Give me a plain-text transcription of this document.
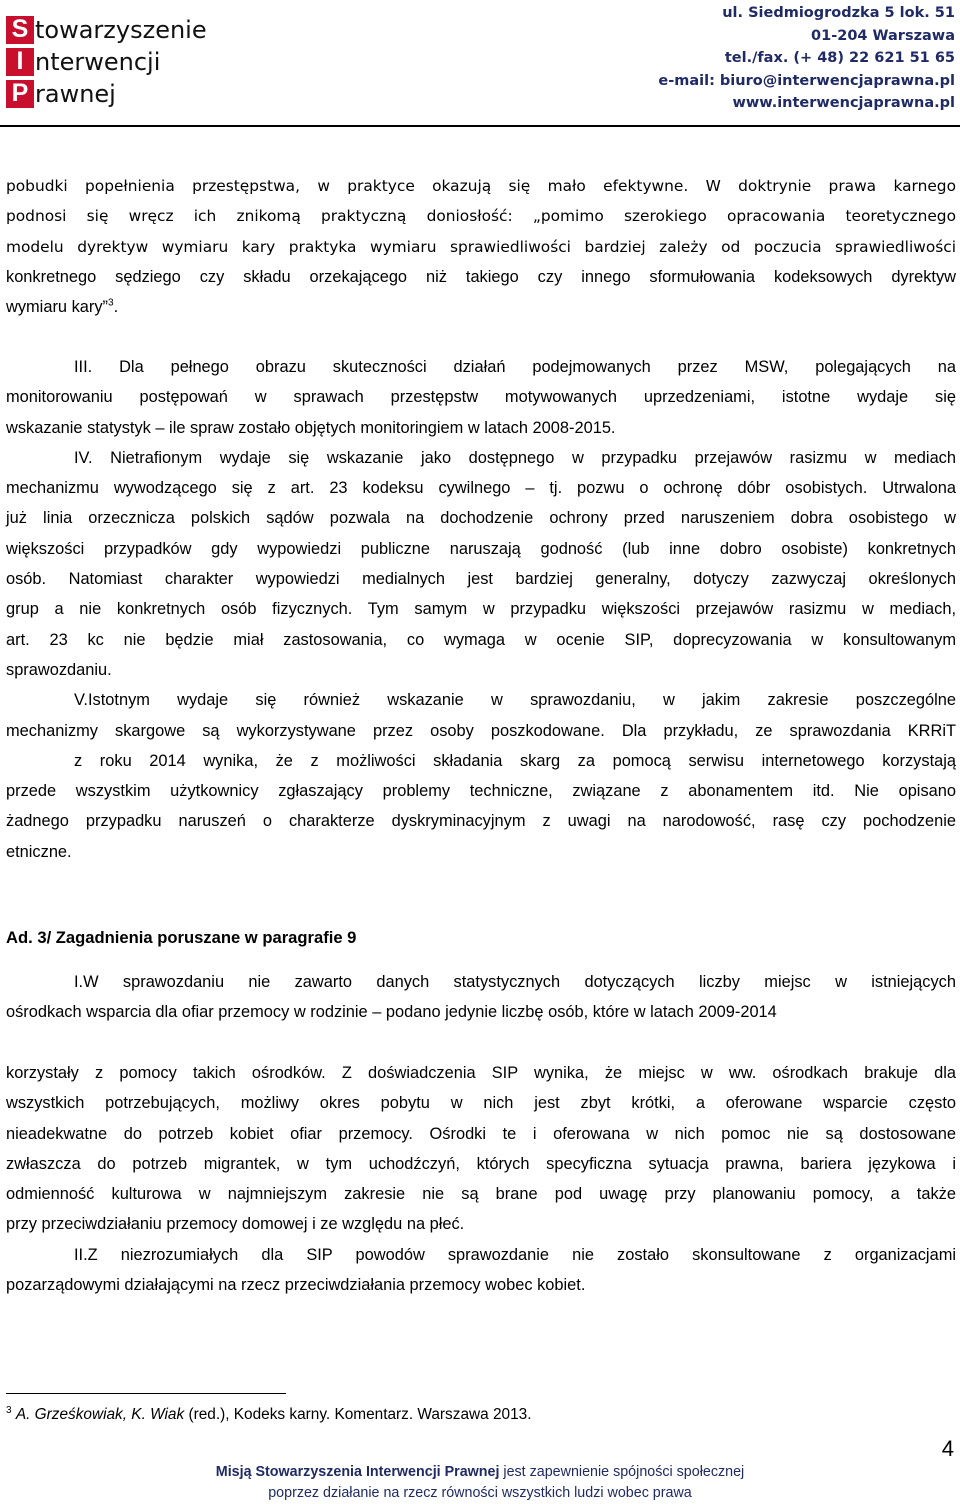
S towarzyszenie
I nterwencji
P rawnej
ul. Siedmiogrodzka 5 lok. 51
01-204 Warszawa
tel./fax. (+ 48) 22 621 51 65
e-mail: biuro@interwencjaprawna.pl
www.interwencjaprawna.pl

pobudki popełnienia przestępstwa, w praktyce okazują się mało efektywne. W doktrynie prawa karnego

podnosi się wręcz ich znikomą praktyczną doniosłość: „pomimo szerokiego opracowania teoretycznego

modelu dyrektyw wymiaru kary praktyka wymiaru sprawiedliwości bardziej zależy od poczucia sprawiedliwości

konkretnego sędziego czy składu orzekającego niż takiego czy innego sformułowania kodeksowych dyrektyw

wymiaru kary”$^3$.

III. Dla pełnego obrazu skuteczności działań podejmowanych przez MSW, polegających na

monitorowaniu postępowań w sprawach przestępstw motywowanych uprzedzeniami, istotne wydaje się

wskazanie statystyk – ile spraw zostało objętych monitoringiem w latach 2008-2015.

IV. Nietrafionym wydaje się wskazanie jako dostępnego w przypadku przejawów rasizmu w mediach

mechanizmu wywodzącego się z art. 23 kodeksu cywilnego – tj. pozwu o ochronę dóbr osobistych. Utrwalona

już linia orzecznicza polskich sądów pozwala na dochodzenie ochrony przed naruszeniem dobra osobistego w

większości przypadków gdy wypowiedzi publiczne naruszają godność (lub inne dobro osobiste) konkretnych

osób. Natomiast charakter wypowiedzi medialnych jest bardziej generalny, dotyczy zazwyczaj określonych

grup a nie konkretnych osób fizycznych. Tym samym w przypadku większości przejawów rasizmu w mediach,

art. 23 kc nie będzie miał zastosowania, co wymaga w ocenie SIP, doprecyzowania w konsultowanym

sprawozdaniu.

V.Istotnym wydaje się również wskazanie w sprawozdaniu, w jakim zakresie poszczególne

mechanizmy skargowe są wykorzystywane przez osoby poszkodowane. Dla przykładu, ze sprawozdania KRRiT

z roku 2014 wynika, że z możliwości składania skarg za pomocą serwisu internetowego korzystają

przede wszystkim użytkownicy zgłaszający problemy techniczne, związane z abonamentem itd. Nie opisano

żadnego przypadku naruszeń o charakterze dyskryminacyjnym z uwagi na narodowość, rasę czy pochodzenie

etniczne.

Ad. 3/ Zagadnienia poruszane w paragrafie 9

I.W sprawozdaniu nie zawarto danych statystycznych dotyczących liczby miejsc w istniejących

ośrodkach wsparcia dla ofiar przemocy w rodzinie – podano jedynie liczbę osób, które w latach 2009-2014

korzystały z pomocy takich ośrodków. Z doświadczenia SIP wynika, że miejsc w ww. ośrodkach brakuje dla

wszystkich potrzebujących, możliwy okres pobytu w nich jest zbyt krótki, a oferowane wsparcie często

nieadekwatne do potrzeb kobiet ofiar przemocy. Ośrodki te i oferowana w nich pomoc nie są dostosowane

zwłaszcza do potrzeb migrantek, w tym uchodźczyń, których specyficzna sytuacja prawna, bariera językowa i

odmienność kulturowa w najmniejszym zakresie nie są brane pod uwagę przy planowaniu pomocy, a także

przy przeciwdziałaniu przemocy domowej i ze względu na płeć.

II.Z niezrozumiałych dla SIP powodów sprawozdanie nie zostało skonsultowane z organizacjami

pozarządowymi działającymi na rzecz przeciwdziałania przemocy wobec kobiet.

$^3$ A. Grześkowiak, K. Wiak (red.), Kodeks karny. Komentarz. Warszawa 2013.
4
Misją Stowarzyszenia Interwencji Prawnej jest zapewnienie spójności społecznej
poprzez działanie na rzecz równości wszystkich ludzi wobec prawa
